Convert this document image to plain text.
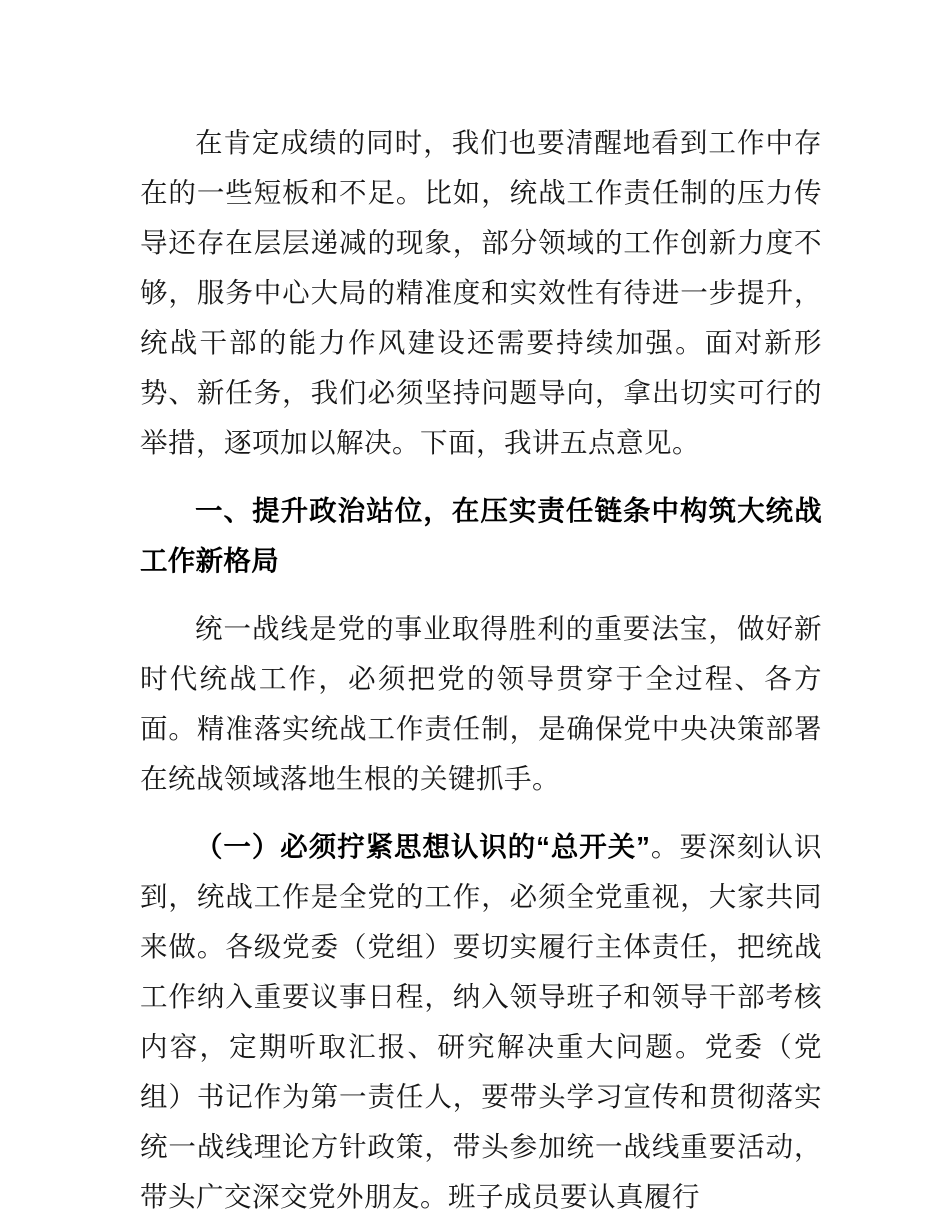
在肯定成绩的同时，我们也要清醒地看到工作中存在的一些短板和不足。比如，统战工作责任制的压力传导还存在层层递减的现象，部分领域的工作创新力度不够，服务中心大局的精准度和实效性有待进一步提升，统战干部的能力作风建设还需要持续加强。面对新形势、新任务，我们必须坚持问题导向，拿出切实可行的举措，逐项加以解决。下面，我讲五点意见。

一、提升政治站位，在压实责任链条中构筑大统战工作新格局

统一战线是党的事业取得胜利的重要法宝，做好新时代统战工作，必须把党的领导贯穿于全过程、各方面。精准落实统战工作责任制，是确保党中央决策部署在统战领域落地生根的关键抓手。

（一）必须拧紧思想认识的“总开关”。要深刻认识到，统战工作是全党的工作，必须全党重视，大家共同来做。各级党委（党组）要切实履行主体责任，把统战工作纳入重要议事日程，纳入领导班子和领导干部考核内容，定期听取汇报、研究解决重大问题。党委（党组）书记作为第一责任人，要带头学习宣传和贯彻落实统一战线理论方针政策，带头参加统一战线重要活动，带头广交深交党外朋友。班子成员要认真履行
